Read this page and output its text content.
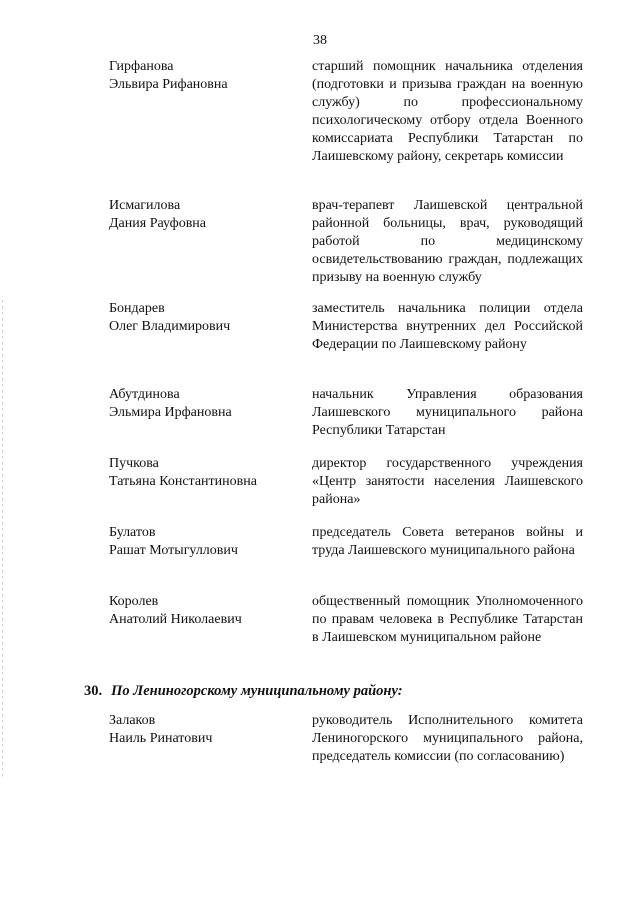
38
Гирфанова
Эльвира Рифановна
старший помощник начальника отделения (подготовки и призыва граждан на военную службу) по профессиональному психологическому отбору отдела Военного комиссариата Республики Татарстан по Лаишевскому району, секретарь комиссии
Исмагилова
Дания Рауфовна
врач-терапевт Лаишевской центральной районной больницы, врач, руководящий работой по медицинскому освидетельствованию граждан, подлежащих призыву на военную службу
Бондарев
Олег Владимирович
заместитель начальника полиции отдела Министерства внутренних дел Российской Федерации по Лаишевскому району
Абутдинова
Эльмира Ирфановна
начальник Управления образования Лаишевского муниципального района Республики Татарстан
Пучкова
Татьяна Константиновна
директор государственного учреждения «Центр занятости населения Лаишевского района»
Булатов
Рашат Мотыгуллович
председатель Совета ветеранов войны и труда Лаишевского муниципального района
Королев
Анатолий Николаевич
общественный помощник Уполномоченного по правам человека в Республике Татарстан в Лаишевском муниципальном районе
30. По Лениногорскому муниципальному району:
Залаков
Наиль Ринатович
руководитель Исполнительного комитета Лениногорского муниципального района, председатель комиссии (по согласованию)
